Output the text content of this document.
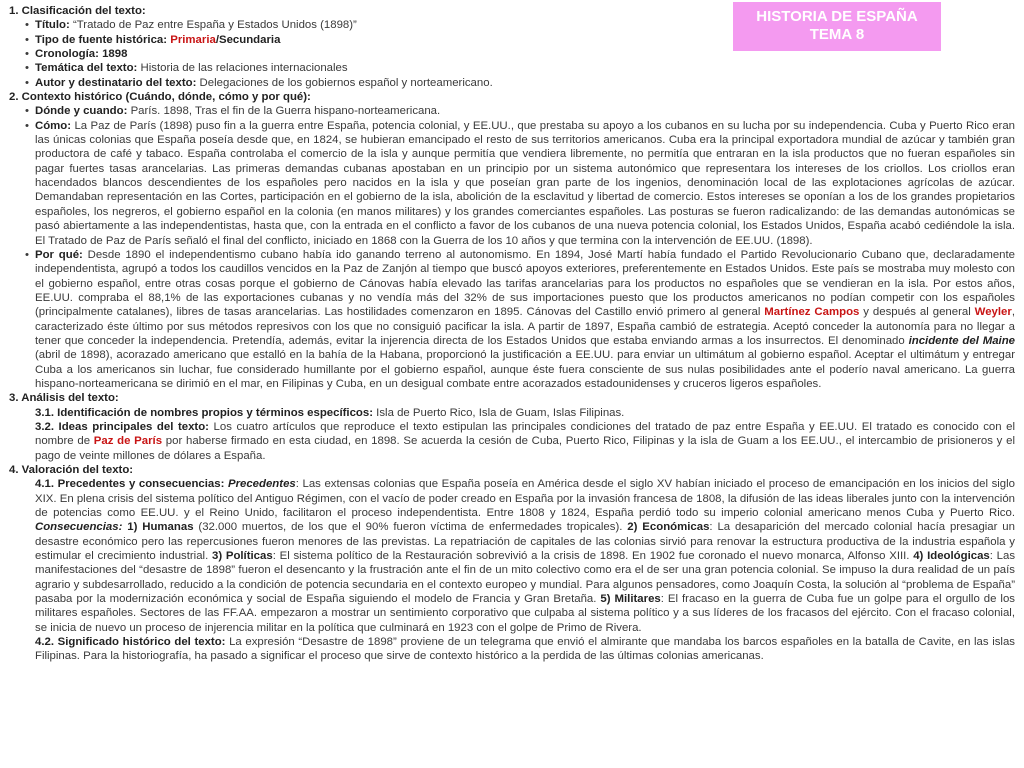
HISTORIA DE ESPAÑA
TEMA 8

1. Clasificación del texto:

• Título: “Tratado de Paz entre España y Estados Unidos (1898)”

• Tipo de fuente histórica: Primaria/Secundaria

• Cronología: 1898

• Temática del texto: Historia de las relaciones internacionales

• Autor y destinatario del texto: Delegaciones de los gobiernos español y norteamericano.

2. Contexto histórico (Cuándo, dónde, cómo y por qué):

• Dónde y cuando: París. 1898, Tras el fin de la Guerra hispano-norteamericana.

• Cómo: La Paz de París (1898) puso fin a la guerra entre España, potencia colonial, y EE.UU., que prestaba su apoyo a los cubanos en su lucha por su independencia. Cuba y Puerto Rico eran las únicas colonias que España poseía desde que, en 1824, se hubieran emancipado el resto de sus territorios americanos. Cuba era la principal exportadora mundial de azúcar y también gran productora de café y tabaco. España controlaba el comercio de la isla y aunque permitía que vendiera libremente, no permitía que entraran en la isla productos que no fueran españoles sin pagar fuertes tasas arancelarias. Las primeras demandas cubanas apostaban en un principio por un sistema autonómico que representara los intereses de los criollos. Los criollos eran hacendados blancos descendientes de los españoles pero nacidos en la isla y que poseían gran parte de los ingenios, denominación local de las explotaciones agrícolas de azúcar. Demandaban representación en las Cortes, participación en el gobierno de la isla, abolición de la esclavitud y libertad de comercio. Estos intereses se oponían a los de los grandes propietarios españoles, los negreros, el gobierno español en la colonia (en manos militares) y los grandes comerciantes españoles. Las posturas se fueron radicalizando: de las demandas autonómicas se pasó abiertamente a las independentistas, hasta que, con la entrada en el conflicto a favor de los cubanos de una nueva potencia colonial, los Estados Unidos, España acabó cediéndole la isla. El Tratado de Paz de París señaló el final del conflicto, iniciado en 1868 con la Guerra de los 10 años y que termina con la intervención de EE.UU. (1898).

• Por qué: Desde 1890 el independentismo cubano había ido ganando terreno al autonomismo. En 1894, José Martí había fundado el Partido Revolucionario Cubano que, declaradamente independentista, agrupó a todos los caudillos vencidos en la Paz de Zanjón al tiempo que buscó apoyos exteriores, preferentemente en Estados Unidos. Este país se mostraba muy molesto con el gobierno español, entre otras cosas porque el gobierno de Cánovas había elevado las tarifas arancelarias para los productos no españoles que se vendieran en la isla. Por estos años, EE.UU. compraba el 88,1% de las exportaciones cubanas y no vendía más del 32% de sus importaciones puesto que los productos americanos no podían competir con los españoles (principalmente catalanes), libres de tasas arancelarias. Las hostilidades comenzaron en 1895. Cánovas del Castillo envió primero al general Martínez Campos y después al general Weyler, caracterizado éste último por sus métodos represivos con los que no consiguió pacificar la isla. A partir de 1897, España cambió de estrategia. Aceptó conceder la autonomía para no llegar a tener que conceder la independencia. Pretendía, además, evitar la injerencia directa de los Estados Unidos que estaba enviando armas a los insurrectos. El denominado incidente del Maine (abril de 1898), acorazado americano que estalló en la bahía de la Habana, proporcionó la justificación a EE.UU. para enviar un ultimátum al gobierno español. Aceptar el ultimátum y entregar Cuba a los americanos sin luchar, fue considerado humillante por el gobierno español, aunque éste fuera consciente de sus nulas posibilidades ante el poderío naval americano. La guerra hispano-norteamericana se dirimió en el mar, en Filipinas y Cuba, en un desigual combate entre acorazados estadounidenses y cruceros ligeros españoles.

3. Análisis del texto:

3.1. Identificación de nombres propios y términos específicos: Isla de Puerto Rico, Isla de Guam, Islas Filipinas.

3.2. Ideas principales del texto: Los cuatro artículos que reproduce el texto estipulan las principales condiciones del tratado de paz entre España y EE.UU. El tratado es conocido con el nombre de Paz de París por haberse firmado en esta ciudad, en 1898. Se acuerda la cesión de Cuba, Puerto Rico, Filipinas y la isla de Guam a los EE.UU., el intercambio de prisioneros y el pago de veinte millones de dólares a España.

4. Valoración del texto:

4.1. Precedentes y consecuencias: Precedentes: Las extensas colonias que España poseía en América desde el siglo XV habían iniciado el proceso de emancipación en los inicios del siglo XIX. En plena crisis del sistema político del Antiguo Régimen, con el vacío de poder creado en España por la invasión francesa de 1808, la difusión de las ideas liberales junto con la intervención de potencias como EE.UU. y el Reino Unido, facilitaron el proceso independentista. Entre 1808 y 1824, España perdió todo su imperio colonial americano menos Cuba y Puerto Rico. Consecuencias: 1) Humanas (32.000 muertos, de los que el 90% fueron víctima de enfermedades tropicales). 2) Económicas: La desaparición del mercado colonial hacía presagiar un desastre económico pero las repercusiones fueron menores de las previstas. La repatriación de capitales de las colonias sirvió para renovar la estructura productiva de la industria española y estimular el crecimiento industrial. 3) Políticas: El sistema político de la Restauración sobrevivió a la crisis de 1898. En 1902 fue coronado el nuevo monarca, Alfonso XIII. 4) Ideológicas: Las manifestaciones del “desastre de 1898” fueron el desencanto y la frustración ante el fin de un mito colectivo como era el de ser una gran potencia colonial. Se impuso la dura realidad de un país agrario y subdesarrollado, reducido a la condición de potencia secundaria en el contexto europeo y mundial. Para algunos pensadores, como Joaquín Costa, la solución al “problema de España” pasaba por la modernización económica y social de España siguiendo el modelo de Francia y Gran Bretaña. 5) Militares: El fracaso en la guerra de Cuba fue un golpe para el orgullo de los militares españoles. Sectores de las FF.AA. empezaron a mostrar un sentimiento corporativo que culpaba al sistema político y a sus líderes de los fracasos del ejército. Con el fracaso colonial, se inicia de nuevo un proceso de injerencia militar en la política que culminará en 1923 con el golpe de Primo de Rivera.

4.2. Significado histórico del texto: La expresión “Desastre de 1898” proviene de un telegrama que envió el almirante que mandaba los barcos españoles en la batalla de Cavite, en las islas Filipinas. Para la historiografía, ha pasado a significar el proceso que sirve de contexto histórico a la perdida de las últimas colonias americanas.
